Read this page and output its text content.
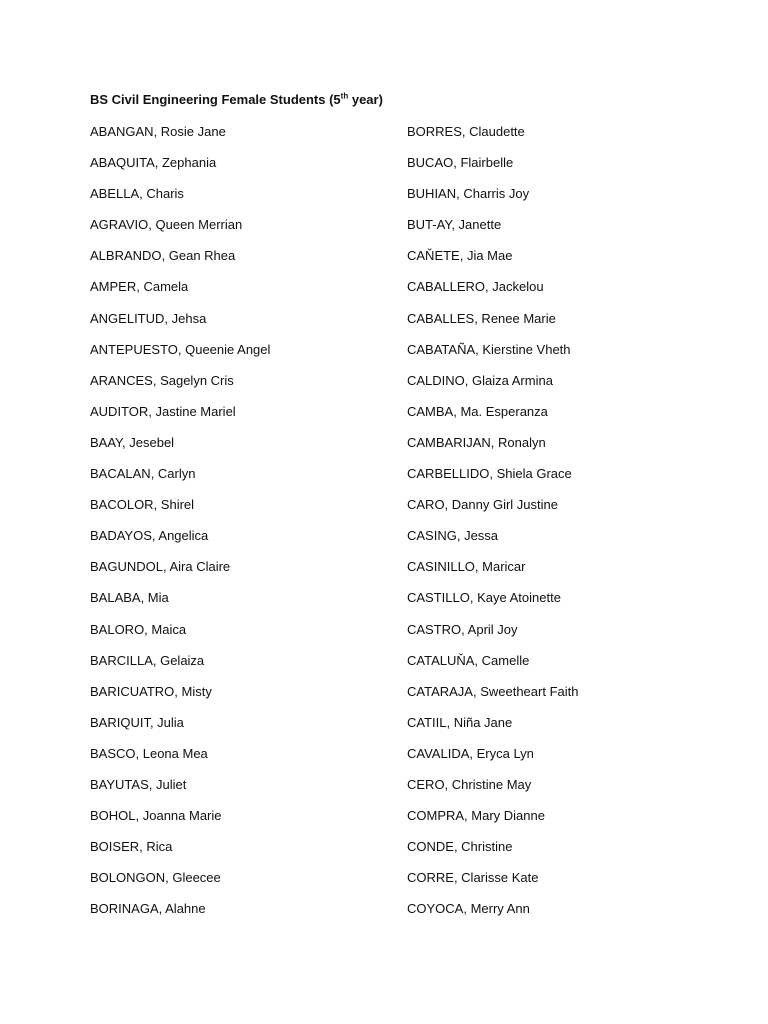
BS Civil Engineering Female Students (5th year)
ABANGAN, Rosie Jane
ABAQUITA, Zephania
ABELLA, Charis
AGRAVIO, Queen Merrian
ALBRANDO, Gean Rhea
AMPER, Camela
ANGELITUD, Jehsa
ANTEPUESTO, Queenie Angel
ARANCES, Sagelyn Cris
AUDITOR, Jastine Mariel
BAAY, Jesebel
BACALAN, Carlyn
BACOLOR, Shirel
BADAYOS, Angelica
BAGUNDOL, Aira Claire
BALABA, Mia
BALORO, Maica
BARCILLA, Gelaiza
BARICUATRO, Misty
BARIQUIT, Julia
BASCO, Leona Mea
BAYUTAS, Juliet
BOHOL, Joanna Marie
BOISER, Rica
BOLONGON, Gleecee
BORINAGA, Alahne
BORRES, Claudette
BUCAO, Flairbelle
BUHIAN, Charris Joy
BUT-AY, Janette
CAŇETE, Jia Mae
CABALLERO, Jackelou
CABALLES, Renee Marie
CABATAÑA, Kierstine Vheth
CALDINO, Glaiza Armina
CAMBA, Ma. Esperanza
CAMBARIJAN, Ronalyn
CARBELLIDO, Shiela Grace
CARO, Danny Girl Justine
CASING, Jessa
CASINILLO, Maricar
CASTILLO, Kaye Atoinette
CASTRO, April Joy
CATALUŇA, Camelle
CATARAJA, Sweetheart Faith
CATIIL, Niña Jane
CAVALIDA, Eryca Lyn
CERO, Christine May
COMPRA, Mary Dianne
CONDE, Christine
CORRE, Clarisse Kate
COYOCA, Merry Ann
